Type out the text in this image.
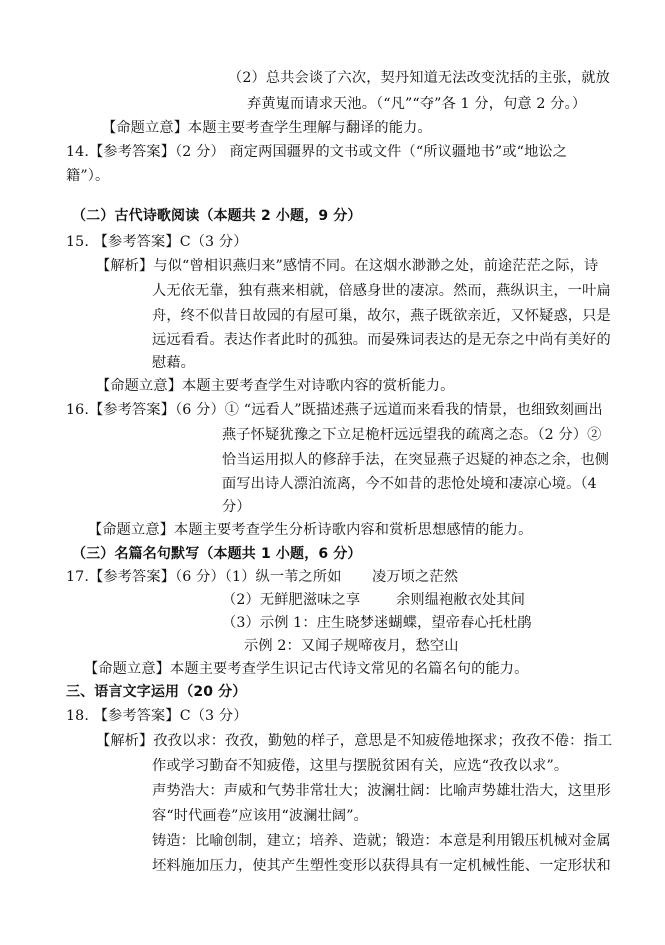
（2）总共会谈了六次，契丹知道无法改变沈括的主张，就放
弃黄嵬而请求天池。（“凡”“夺”各 1 分，句意 2 分。）
【命题立意】本题主要考查学生理解与翻译的能力。
14.【参考答案】（2 分） 商定两国疆界的文书或文件（“所议疆地书”或“地讼之
籍”）。
（二）古代诗歌阅读（本题共 2 小题，9 分）
15. 【参考答案】C（3 分）
【解析】与似“曾相识燕归来”感情不同。在这烟水渺渺之处，前途茫茫之际，诗
人无依无靠，独有燕来相就，倍感身世的凄凉。然而，燕纵识主，一叶扁
舟，终不似昔日故园的有屋可巢，故尔，燕子既欲亲近，又怀疑惑，只是
远远看看。表达作者此时的孤独。而晏殊词表达的是无奈之中尚有美好的
慰藉。
【命题立意】本题主要考查学生对诗歌内容的赏析能力。
16.【参考答案】（6 分）① “远看人”既描述燕子远道而来看我的情景，也细致刻画出
燕子怀疑犹豫之下立足桅杆远远望我的疏离之态。（2 分）②
恰当运用拟人的修辞手法，在突显燕子迟疑的神态之余，也侧
面写出诗人漂泊流离，今不如昔的悲怆处境和凄凉心境。（4
分）
【命题立意】本题主要考查学生分析诗歌内容和赏析思想感情的能力。
（三）名篇名句默写（本题共 1 小题，6 分）
17.【参考答案】（6 分）（1）纵一苇之所如 凌万顷之茫然
（2）无鲜肥滋味之享	余则缊袍敝衣处其间
（3）示例 1：庄生晓梦迷蝴蝶，望帝春心托杜鹃
示例 2：又闻子规啼夜月，愁空山
【命题立意】本题主要考查学生识记古代诗文常见的名篇名句的能力。
三、语言文字运用（20 分）
18. 【参考答案】C（3 分）
【解析】孜孜以求：孜孜，勤勉的样子，意思是不知疲倦地探求；孜孜不倦：指工
作或学习勤奋不知疲倦，这里与摆脱贫困有关，应选“孜孜以求”。
声势浩大：声威和气势非常壮大；波澜壮阔：比喻声势雄壮浩大，这里形
容“时代画卷”应该用“波澜壮阔”。
铸造：比喻创制，建立；培养、造就；锻造：本意是利用锻压机械对金属
坯料施加压力，使其产生塑性变形以获得具有一定机械性能、一定形状和
